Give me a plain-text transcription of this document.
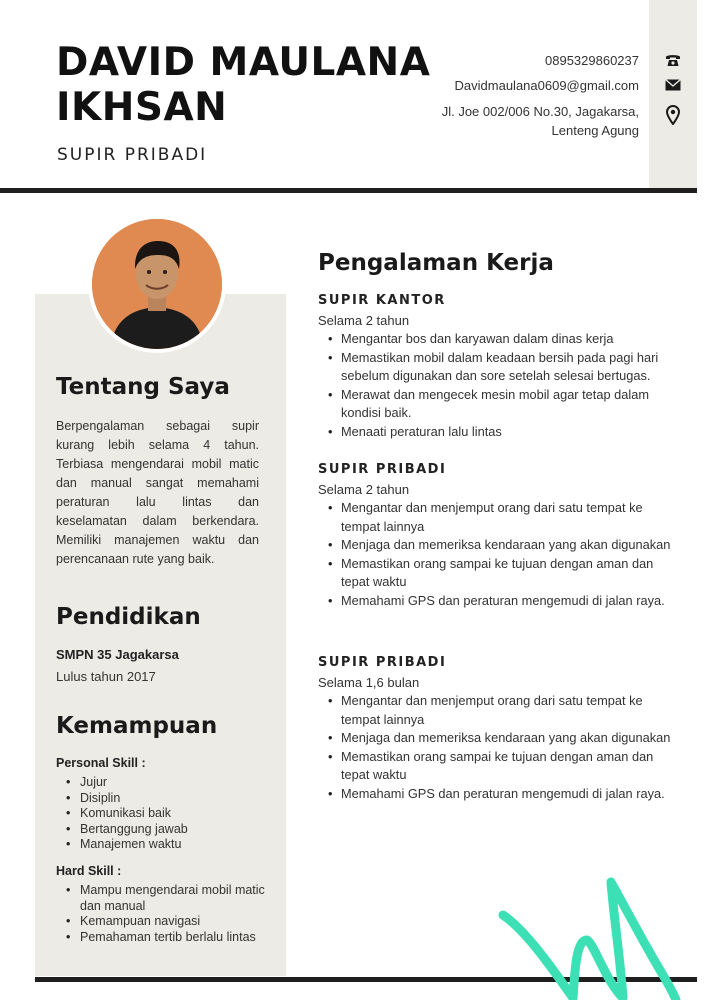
DAVID MAULANA
IKHSAN
SUPIR PRIBADI
0895329860237
Davidmaulana0609@gmail.com
Jl. Joe 002/006 No.30, Jagakarsa,
Lenteng Agung
Tentang Saya
Berpengalaman sebagai supir kurang lebih selama 4 tahun. Terbiasa mengendarai mobil matic dan manual sangat memahami peraturan lalu lintas dan keselamatan dalam berkendara. Memiliki manajemen waktu dan perencanaan rute yang baik.
Pendidikan
SMPN 35 Jagakarsa
Lulus tahun 2017
Kemampuan
Personal Skill :
• Jujur
• Disiplin
• Komunikasi baik
• Bertanggung jawab
• Manajemen waktu
Hard Skill :
• Mampu mengendarai mobil matic dan manual
• Kemampuan navigasi
• Pemahaman tertib berlalu lintas
Pengalaman Kerja
SUPIR KANTOR
Selama 2 tahun
• Mengantar bos dan karyawan dalam dinas kerja
• Memastikan mobil dalam keadaan bersih pada pagi hari sebelum digunakan dan sore setelah selesai bertugas.
• Merawat dan mengecek mesin mobil agar tetap dalam kondisi baik.
• Menaati peraturan lalu lintas
SUPIR PRIBADI
Selama 2 tahun
• Mengantar dan menjemput orang dari satu tempat ke tempat lainnya
• Menjaga dan memeriksa kendaraan yang akan digunakan
• Memastikan orang sampai ke tujuan dengan aman dan tepat waktu
• Memahami GPS dan peraturan mengemudi di jalan raya.
SUPIR PRIBADI
Selama 1,6 bulan
• Mengantar dan menjemput orang dari satu tempat ke tempat lainnya
• Menjaga dan memeriksa kendaraan yang akan digunakan
• Memastikan orang sampai ke tujuan dengan aman dan tepat waktu
• Memahami GPS dan peraturan mengemudi di jalan raya.
